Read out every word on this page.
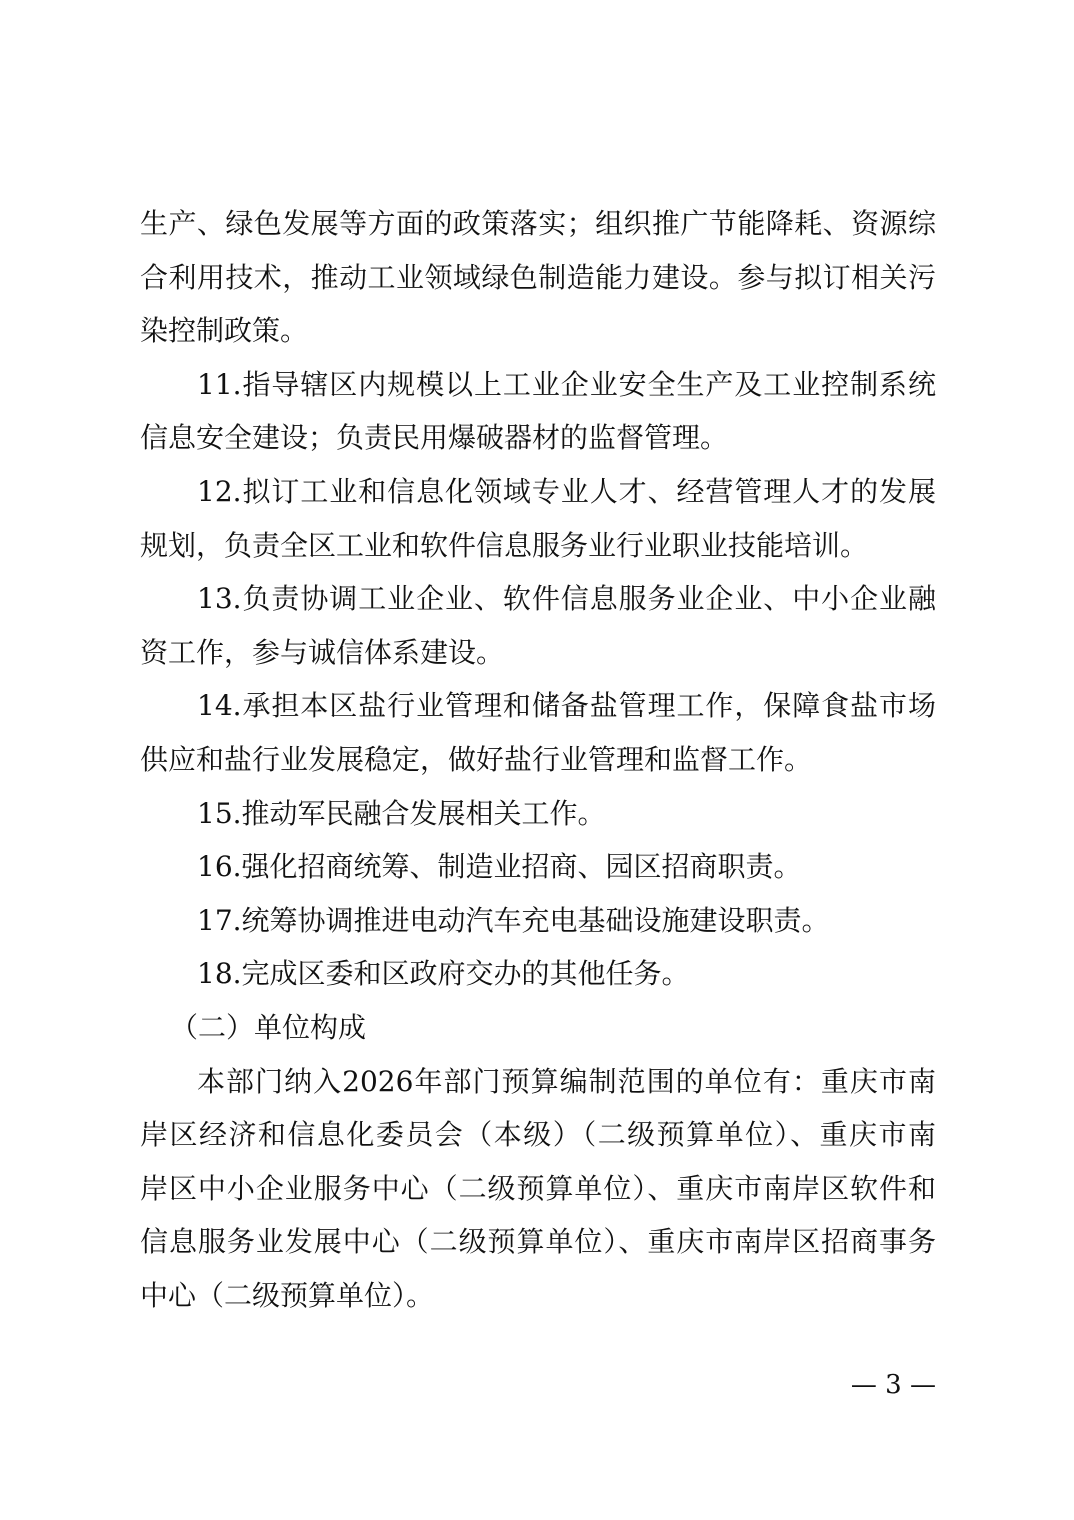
生产、绿色发展等方面的政策落实；组织推广节能降耗、资源综
合利用技术，推动工业领域绿色制造能力建设。参与拟订相关污
染控制政策。
11.指导辖区内规模以上工业企业安全生产及工业控制系统
信息安全建设；负责民用爆破器材的监督管理。
12.拟订工业和信息化领域专业人才、经营管理人才的发展
规划，负责全区工业和软件信息服务业行业职业技能培训。
13.负责协调工业企业、软件信息服务业企业、中小企业融
资工作，参与诚信体系建设。
14.承担本区盐行业管理和储备盐管理工作，保障食盐市场
供应和盐行业发展稳定，做好盐行业管理和监督工作。
15.推动军民融合发展相关工作。
16.强化招商统筹、制造业招商、园区招商职责。
17.统筹协调推进电动汽车充电基础设施建设职责。
18.完成区委和区政府交办的其他任务。
（二）单位构成
本部门纳入2026年部门预算编制范围的单位有：重庆市南
岸区经济和信息化委员会（本级）（二级预算单位）、重庆市南
岸区中小企业服务中心（二级预算单位）、重庆市南岸区软件和
信息服务业发展中心（二级预算单位）、重庆市南岸区招商事务
中心（二级预算单位）。
— 3 —
